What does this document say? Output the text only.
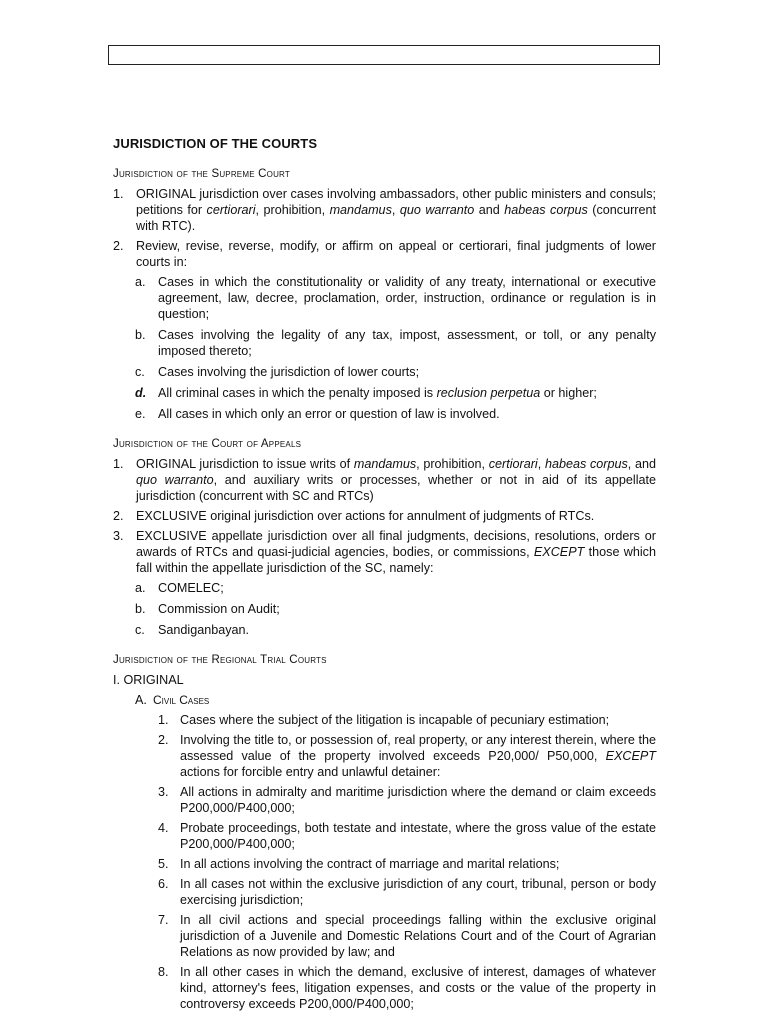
JURISDICTION OF THE COURTS
Jurisdiction of the Supreme Court
1. ORIGINAL jurisdiction over cases involving ambassadors, other public ministers and consuls; petitions for certiorari, prohibition, mandamus, quo warranto and habeas corpus (concurrent with RTC).
2. Review, revise, reverse, modify, or affirm on appeal or certiorari, final judgments of lower courts in:
a. Cases in which the constitutionality or validity of any treaty, international or executive agreement, law, decree, proclamation, order, instruction, ordinance or regulation is in question;
b. Cases involving the legality of any tax, impost, assessment, or toll, or any penalty imposed thereto;
c.	Cases involving the jurisdiction of lower courts;
d. All criminal cases in which the penalty imposed is reclusion perpetua or higher;
e. All cases in which only an error or question of law is involved.
Jurisdiction of the Court of Appeals
1. ORIGINAL jurisdiction to issue writs of mandamus, prohibition, certiorari, habeas corpus, and quo warranto, and auxiliary writs or processes, whether or not in aid of its appellate jurisdiction (concurrent with SC and RTCs)
2. EXCLUSIVE original jurisdiction over actions for annulment of judgments of RTCs.
3. EXCLUSIVE appellate jurisdiction over all final judgments, decisions, resolutions, orders or awards of RTCs and quasi-judicial agencies, bodies, or commissions, EXCEPT those which fall within the appellate jurisdiction of the SC, namely:
a. COMELEC;
b. Commission on Audit;
c.	Sandiganbayan.
Jurisdiction of the Regional Trial Courts
I. ORIGINAL
A. Civil Cases
1. Cases where the subject of the litigation is incapable of pecuniary estimation;
2. Involving the title to, or possession of, real property, or any interest therein, where the assessed value of the property involved exceeds P20,000/ P50,000, EXCEPT actions for forcible entry and unlawful detainer:
3. All actions in admiralty and maritime jurisdiction where the demand or claim exceeds P200,000/P400,000;
4. Probate proceedings, both testate and intestate, where the gross value of the estate P200,000/P400,000;
5. In all actions involving the contract of marriage and marital relations;
6. In all cases not within the exclusive jurisdiction of any court, tribunal, person or body exercising jurisdiction;
7. In all civil actions and special proceedings falling within the exclusive original jurisdiction of a Juvenile and Domestic Relations Court and of the Court of Agrarian Relations as now provided by law; and
8. In all other cases in which the demand, exclusive of interest, damages of whatever kind, attorney's fees, litigation expenses, and costs or the value of the property in controversy exceeds P200,000/P400,000;
